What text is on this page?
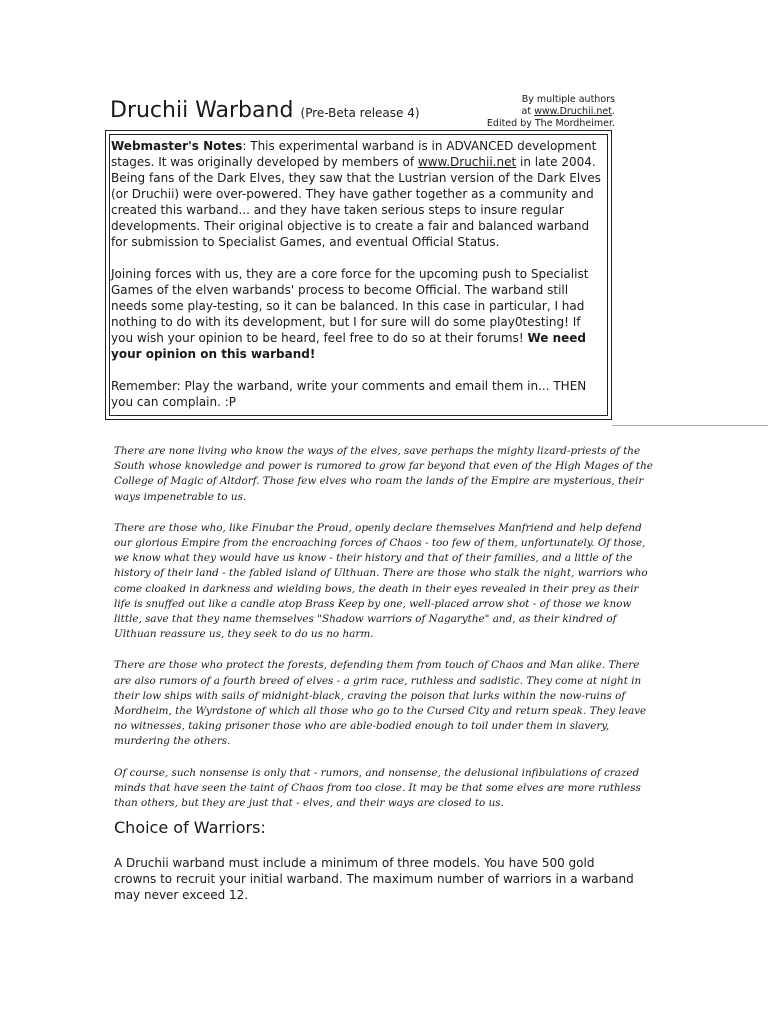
Druchii Warband (Pre-Beta release 4)
By multiple authors
at www.Druchii.net.
Edited by The Mordheimer.

Webmaster's Notes: This experimental warband is in ADVANCED development stages. It was originally developed by members of www.Druchii.net in late 2004. Being fans of the Dark Elves, they saw that the Lustrian version of the Dark Elves (or Druchii) were over-powered. They have gather together as a community and created this warband... and they have taken serious steps to insure regular developments. Their original objective is to create a fair and balanced warband for submission to Specialist Games, and eventual Official Status.

Joining forces with us, they are a core force for the upcoming push to Specialist Games of the elven warbands' process to become Official. The warband still needs some play-testing, so it can be balanced. In this case in particular, I had nothing to do with its development, but I for sure will do some play0testing! If you wish your opinion to be heard, feel free to do so at their forums! We need your opinion on this warband!

Remember: Play the warband, write your comments and email them in... THEN you can complain. :P

There are none living who know the ways of the elves, save perhaps the mighty lizard-priests of the South whose knowledge and power is rumored to grow far beyond that even of the High Mages of the College of Magic of Altdorf. Those few elves who roam the lands of the Empire are mysterious, their ways impenetrable to us.

There are those who, like Finubar the Proud, openly declare themselves Manfriend and help defend our glorious Empire from the encroaching forces of Chaos - too few of them, unfortunately. Of those, we know what they would have us know - their history and that of their families, and a little of the history of their land - the fabled island of Ulthuan. There are those who stalk the night, warriors who come cloaked in darkness and wielding bows, the death in their eyes revealed in their prey as their life is snuffed out like a candle atop Brass Keep by one, well-placed arrow shot - of those we know little, save that they name themselves "Shadow warriors of Nagarythe" and, as their kindred of Ulthuan reassure us, they seek to do us no harm.

There are those who protect the forests, defending them from touch of Chaos and Man alike. There are also rumors of a fourth breed of elves - a grim race, ruthless and sadistic. They come at night in their low ships with sails of midnight-black, craving the poison that lurks within the now-ruins of Mordheim, the Wyrdstone of which all those who go to the Cursed City and return speak. They leave no witnesses, taking prisoner those who are able-bodied enough to toil under them in slavery, murdering the others.

Of course, such nonsense is only that - rumors, and nonsense, the delusional infibulations of crazed minds that have seen the taint of Chaos from too close. It may be that some elves are more ruthless than others, but they are just that - elves, and their ways are closed to us.

Choice of Warriors:
A Druchii warband must include a minimum of three models. You have 500 gold crowns to recruit your initial warband. The maximum number of warriors in a warband may never exceed 12.
